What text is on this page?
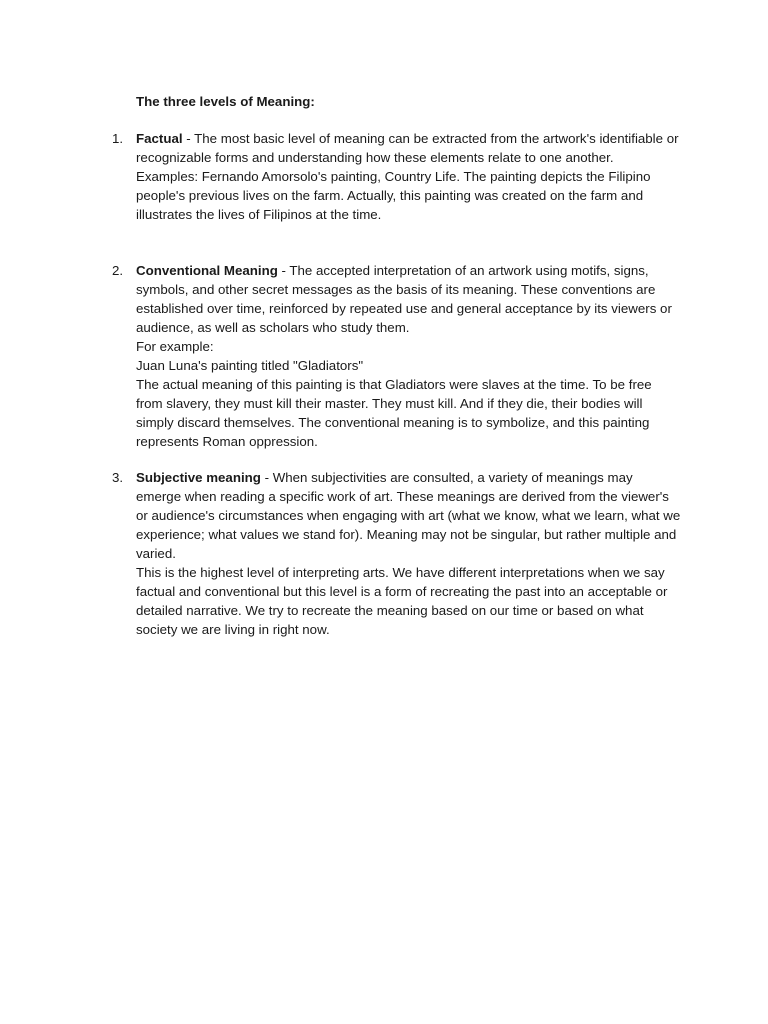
The three levels of Meaning:

1. Factual - The most basic level of meaning can be extracted from the artwork's identifiable or recognizable forms and understanding how these elements relate to one another.

Examples: Fernando Amorsolo's painting, Country Life. The painting depicts the Filipino people's previous lives on the farm. Actually, this painting was created on the farm and illustrates the lives of Filipinos at the time.

2. Conventional Meaning - The accepted interpretation of an artwork using motifs, signs, symbols, and other secret messages as the basis of its meaning. These conventions are established over time, reinforced by repeated use and general acceptance by its viewers or audience, as well as scholars who study them.

For example:

Juan Luna's painting titled "Gladiators"

The actual meaning of this painting is that Gladiators were slaves at the time. To be free from slavery, they must kill their master. They must kill. And if they die, their bodies will simply discard themselves. The conventional meaning is to symbolize, and this painting represents Roman oppression.

3. Subjective meaning - When subjectivities are consulted, a variety of meanings may emerge when reading a specific work of art. These meanings are derived from the viewer's or audience's circumstances when engaging with art (what we know, what we learn, what we experience; what values we stand for). Meaning may not be singular, but rather multiple and varied.

This is the highest level of interpreting arts. We have different interpretations when we say factual and conventional but this level is a form of recreating the past into an acceptable or detailed narrative. We try to recreate the meaning based on our time or based on what society we are living in right now.
